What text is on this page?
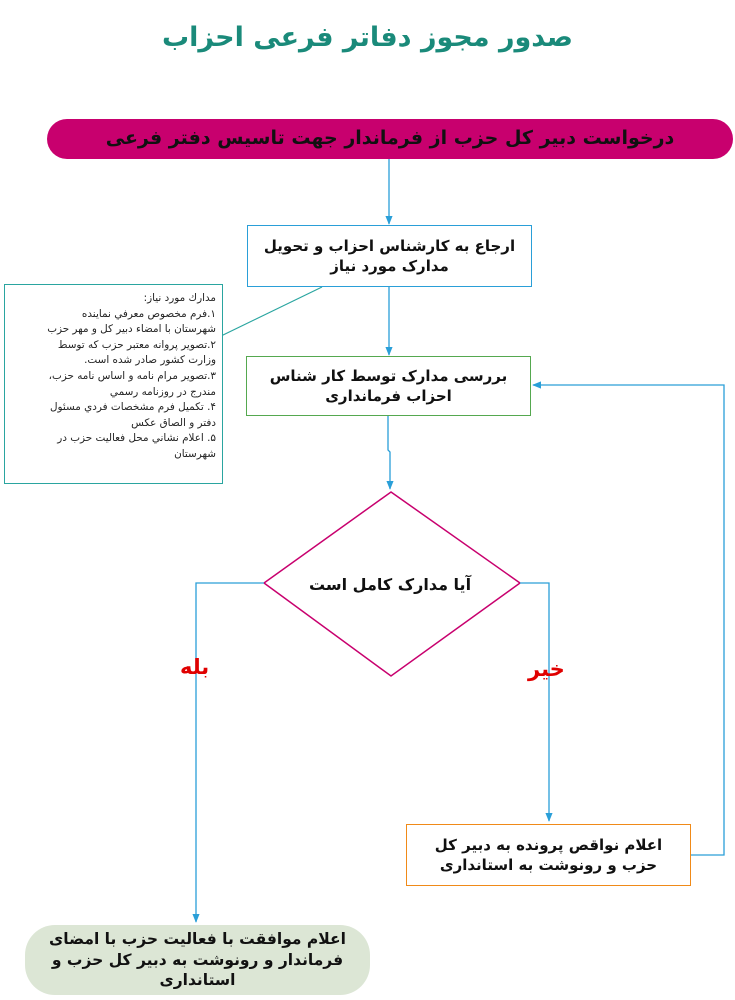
صدور مجوز دفاتر فرعی احزاب
درخواست دبیر کل حزب از فرماندار جهت تاسیس دفتر فرعی
ارجاع به کارشناس احزاب و تحویل مدارک مورد نیاز
مدارك مورد نياز:
۱.فرم مخصوص معرفي نماينده
شهرستان با امضاء دبير كل و مهر حزب
۲.تصوير پروانه معتبر حزب كه توسط
وزارت كشور صادر شده است.
۳.تصوير مرام نامه و اساس نامه حزب،
مندرج در روزنامه رسمي
۴. تكميل فرم مشخصات فردي مسئول
دفتر و الصاق عكس
۵. اعلام نشاني محل فعاليت حزب در
شهرستان
بررسی مدارک توسط کار شناس احزاب فرمانداری
آیا مدارک کامل است
بله	خیر
اعلام نواقص پرونده به دبیر کل حزب و رونوشت به استانداری
اعلام موافقت با فعالیت حزب با امضای فرماندار و رونوشت به دبیر کل حزب و استانداری
